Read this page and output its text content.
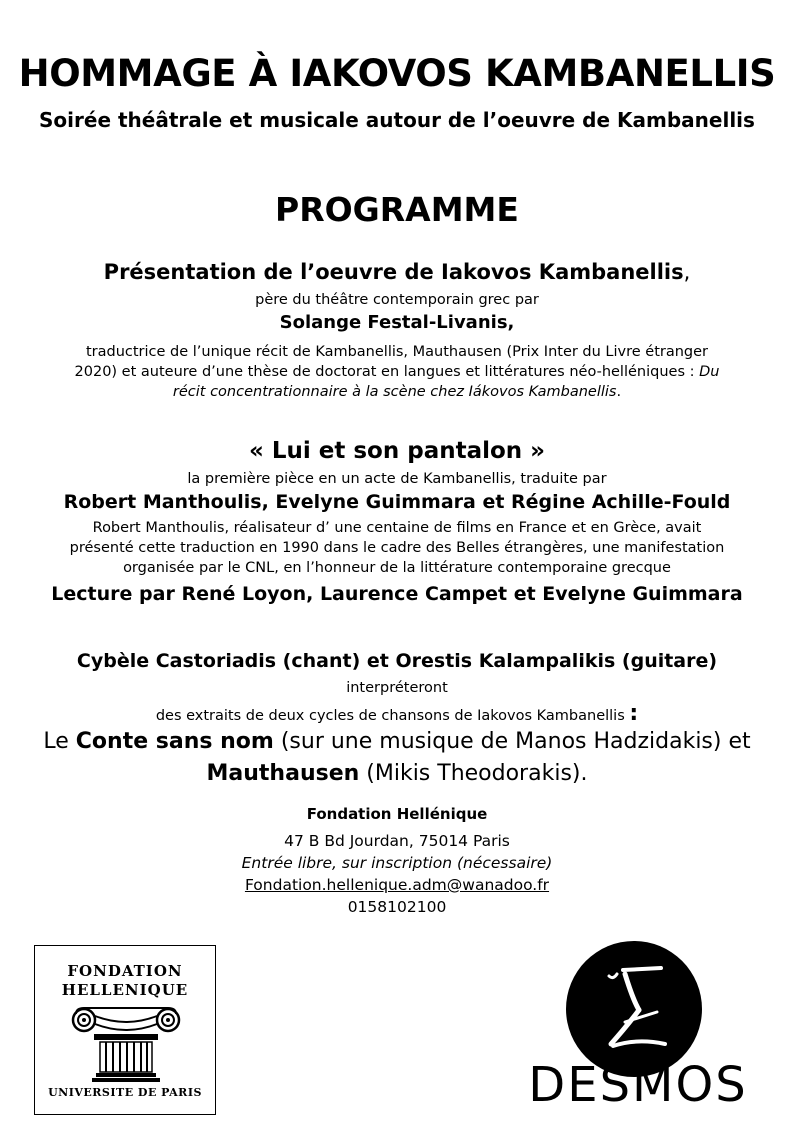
HOMMAGE À IAKOVOS KAMBANELLIS
Soirée théâtrale et musicale autour de l’oeuvre de Kambanellis
PROGRAMME
Présentation de l’oeuvre de Iakovos Kambanellis,
père du théâtre contemporain grec par
Solange Festal-Livanis,
traductrice de l’unique récit de Kambanellis, Mauthausen (Prix Inter du Livre étranger
2020) et auteure d’une thèse de doctorat en langues et littératures néo-helléniques : Du
récit concentrationnaire à la scène chez Iákovos Kambanellis.
« Lui et son pantalon »
la première pièce en un acte de Kambanellis, traduite par
Robert Manthoulis, Evelyne Guimmara et Régine Achille-Fould
Robert Manthoulis, réalisateur d’ une centaine de films en France et en Grèce, avait
présenté cette traduction en 1990 dans le cadre des Belles étrangères, une manifestation
organisée par le CNL, en l’honneur de la littérature contemporaine grecque
Lecture par René Loyon, Laurence Campet et Evelyne Guimmara
Cybèle Castoriadis (chant) et Orestis Kalampalikis (guitare)
interpréteront
des extraits de deux cycles de chansons de Iakovos Kambanellis :
Le Conte sans nom (sur une musique de Manos Hadzidakis) et
Mauthausen (Mikis Theodorakis).
Fondation Hellénique
47 B Bd Jourdan, 75014 Paris
Entrée libre, sur inscription (nécessaire)
Fondation.hellenique.adm@wanadoo.fr
0158102100
FONDATION
HELLENIQUE
UNIVERSITE DE PARIS	DESMOS
